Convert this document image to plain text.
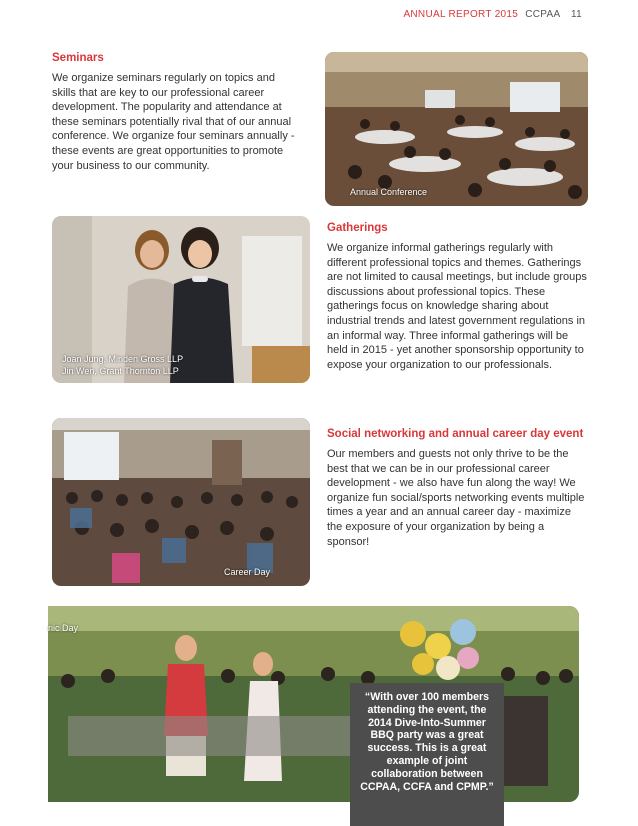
ANNUAL REPORT 2015 CCPAA 11
Seminars

We organize seminars regularly on topics and skills that are key to our professional career development. The popularity and attendance at these seminars potentially rival that of our annual conference. We organize four seminars annually - these events are great opportunities to promote your business to our community.

Annual Conference
Joan Jung, Minden Gross LLP
Jin Wen, Grant Thornton LLP
Gatherings

We organize informal gatherings regularly with different professional topics and themes. Gatherings are not limited to causal meetings, but include groups discussions about professional topics. These gatherings focus on knowledge sharing about industrial trends and latest government regulations in an informal way. Three informal gatherings will be held in 2015 - yet another sponsorship opportunity to expose your organization to our professionals.

Career Day
Social networking and annual career day event

Our members and guests not only thrive to be the best that we can be in our professional career development - we also have fun along the way! We organize fun social/sports networking events multiple times a year and an annual career day - maximize the exposure of your organization by being a sponsor!

nic Day
“With over 100 members attending the event, the 2014 Dive-Into-Summer BBQ party was a great success. This is a great example of joint collaboration between CCPAA, CCFA and CPMP.”
